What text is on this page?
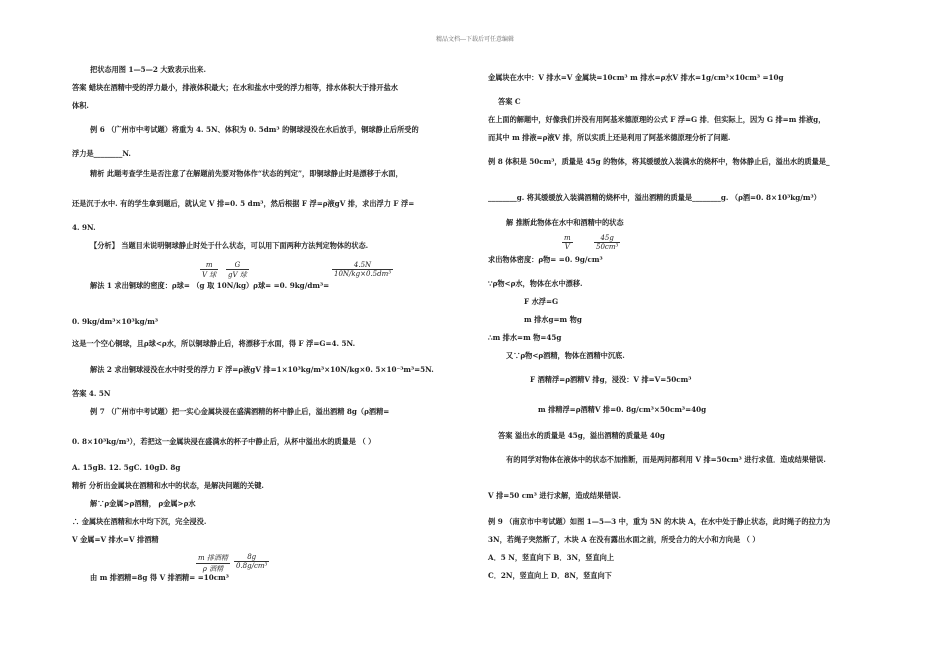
精品文档---下载后可任意编辑
m
V 球
G
gV 球	$\frac{4.5N}{\text{10N/kg×0.5dm³}}$
m 排酒精
ρ 酒精	$\frac{8g}{\text{0.8g/cm³}}$
把状态用图 1—5—2 大致表示出来.
答案 蜡块在酒精中受的浮力最小，排液体积最大；在水和盐水中受的浮力相等，排水体积大于排开盐水
体积.
例 6 （广州市中考试题）将重为 4. 5N、体积为 0. 5dm³ 的铜球浸没在水后放手，铜球静止后所受的
浮力是________N.
精析 此题考查学生是否注意了在解题前先要对物体作“状态的判定”，即铜球静止时是漂移于水面，
还是沉于水中. 有的学生拿到题后，就认定 V 排=0. 5 dm³，然后根据 F 浮=ρ液gV 排，求出浮力 F 浮=
4. 9N.
【分析】 当题目未说明铜球静止时处于什么状态，可以用下面两种方法判定物体的状态.
解法 1 求出铜球的密度：ρ球= （g 取 10N/kg）ρ球= =0. 9kg/dm³=
0. 9kg/dm³×10³kg/m³
这是一个空心铜球，且ρ球<ρ水，所以铜球静止后，将漂移于水面，得 F 浮=G=4. 5N.
解法 2 求出铜球浸没在水中时受的浮力 F 浮=ρ液gV 排=1×10³kg/m³×10N/kg×0. 5×10⁻³m³=5N.
答案 4. 5N
例 7 （广州市中考试题）把一实心金属块浸在盛满酒精的杯中静止后，溢出酒精 8g（ρ酒精=
0. 8×10³kg/m³），若把这一金属块浸在盛满水的杯子中静止后，从杯中溢出水的质量是 （ ）
A. 15gB. 12. 5gC. 10gD. 8g
精析 分析出金属块在酒精和水中的状态，是解决问题的关键.
解∵ρ金属>ρ酒精， ρ金属>ρ水
∴ 金属块在酒精和水中均下沉，完全浸没.
V 金属=V 排水=V 排酒精
由 m 排酒精=8g 得 V 排酒精= =10cm³
$\frac{m}{V}$	$\frac{45g}{\text{50cm³}}$
金属块在水中：V 排水=V 金属块=10cm³ m 排水=ρ水V 排水=1g/cm³×10cm³ =10g
答案 C
在上面的解题中，好像我们并没有用阿基米德原理的公式 F 浮=G 排．但实际上，因为 G 排=m 排液g，
而其中 m 排液=ρ液V 排，所以实质上还是利用了阿基米德原理分析了问题.
例 8 体积是 50cm³，质量是 45g 的物体，将其缓缓放入装满水的烧杯中，物体静止后，溢出水的质量是_
________g. 将其缓缓放入装满酒精的烧杯中，溢出酒精的质量是________g. （ρ酒=0. 8×10³kg/m³）
解 推断此物体在水中和酒精中的状态
求出物体密度：ρ物= =0. 9g/cm³
∵ρ物<ρ水，物体在水中漂移.
F 水浮=G
m 排水g=m 物g
∴m 排水=m 物=45g
又∵ρ物<ρ酒精，物体在酒精中沉底.
F 酒精浮=ρ酒精V 排g，浸没：V 排=V=50cm³
m 排精浮=ρ酒精V 排=0. 8g/cm³×50cm³=40g
答案 溢出水的质量是 45g，溢出酒精的质量是 40g
有的同学对物体在液体中的状态不加推断，而是两问都利用 V 排=50cm³ 进行求值．造成结果错误.
V 排=50 cm³ 进行求解，造成结果错误.
例 9 （南京市中考试题）如图 1—5—3 中，重为 5N 的木块 A，在水中处于静止状态，此时绳子的拉力为
3N，若绳子突然断了，木块 A 在没有露出水面之前，所受合力的大小和方向是 （ ）
A．5 N，竖直向下 B．3N，竖直向上
C．2N，竖直向上 D．8N，竖直向下
